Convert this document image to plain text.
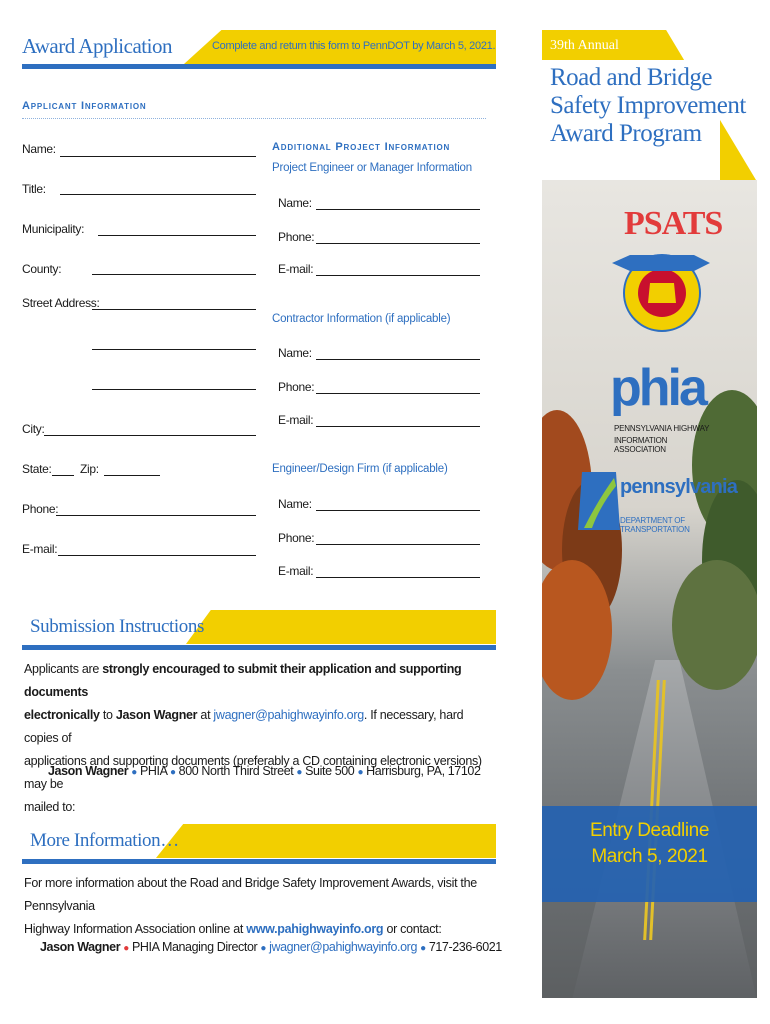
Award Application	Complete and return this form to PennDOT by March 5, 2021.
Applicant Information
Name:
Title:
Municipality:
County:
Street Address:
City:
State: Zip:
Phone:
E-mail:
Additional Project Information
Project Engineer or Manager Information
Name:
Phone:
E-mail:
Contractor Information (if applicable)
Name:
Phone:
E-mail:
Engineer/Design Firm (if applicable)
Name:
Phone:
E-mail:
Submission Instructions
Applicants are strongly encouraged to submit their application and supporting documents
electronically to Jason Wagner at jwagner@pahighwayinfo.org. If necessary, hard copies of
applications and supporting documents (preferably a CD containing electronic versions) may be
mailed to:
Jason Wagner ● PHIA ● 800 North Third Street ● Suite 500 ● Harrisburg, PA, 17102
More Information…
For more information about the Road and Bridge Safety Improvement Awards, visit the Pennsylvania
Highway Information Association online at www.pahighwayinfo.org or contact:
Jason Wagner ● PHIA Managing Director ● jwagner@pahighwayinfo.org ● 717-236-6021
39th Annual
Road and Bridge
Safety Improvement
Award Program
PSATS
phia
PENNSYLVANIA HIGHWAY
INFORMATION ASSOCIATION
pennsylvania
DEPARTMENT OF TRANSPORTATION
Entry Deadline
March 5, 2021
